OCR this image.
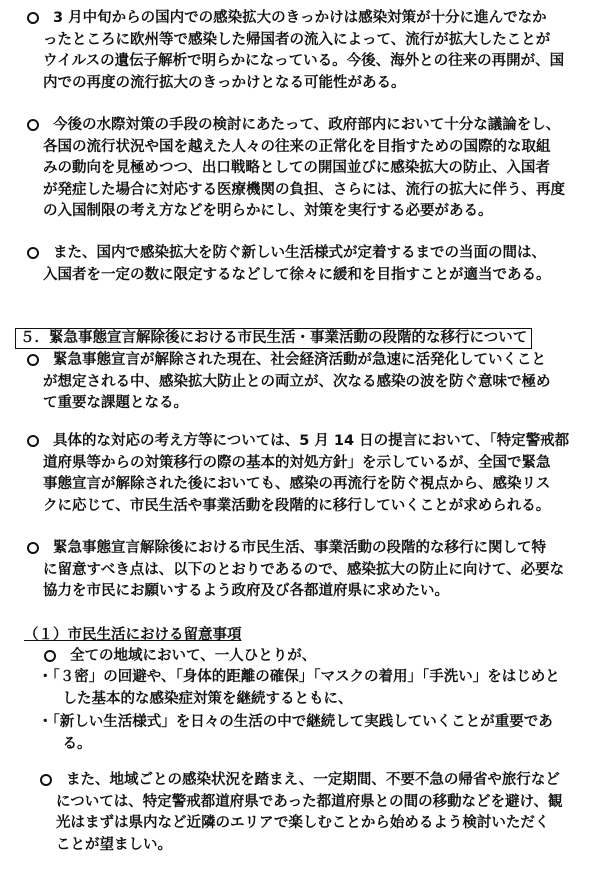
3 月中旬からの国内での感染拡大のきっかけは感染対策が十分に進んでなか
ったところに欧州等で感染した帰国者の流入によって、流行が拡大したことが
ウイルスの遺伝子解析で明らかになっている。今後、海外との往来の再開が、国
内での再度の流行拡大のきっかけとなる可能性がある。
今後の水際対策の手段の検討にあたって、政府部内において十分な議論をし、
各国の流行状況や国を越えた人々の往来の正常化を目指すための国際的な取組
みの動向を見極めつつ、出口戦略としての開国並びに感染拡大の防止、入国者
が発症した場合に対応する医療機関の負担、さらには、流行の拡大に伴う、再度
の入国制限の考え方などを明らかにし、対策を実行する必要がある。
また、国内で感染拡大を防ぐ新しい生活様式が定着するまでの当面の間は、
入国者を一定の数に限定するなどして徐々に緩和を目指すことが適当である。
５．緊急事態宣言解除後における市民生活・事業活動の段階的な移行について
緊急事態宣言が解除された現在、社会経済活動が急速に活発化していくこと
が想定される中、感染拡大防止との両立が、次なる感染の波を防ぐ意味で極め
て重要な課題となる。
具体的な対応の考え方等については、5 月 14 日の提言において、「特定警戒都
道府県等からの対策移行の際の基本的対処方針」を示しているが、全国で緊急
事態宣言が解除された後においても、感染の再流行を防ぐ視点から、感染リス
クに応じて、市民生活や事業活動を段階的に移行していくことが求められる。
緊急事態宣言解除後における市民生活、事業活動の段階的な移行に関して特
に留意すべき点は、以下のとおりであるので、感染拡大の防止に向けて、必要な
協力を市民にお願いするよう政府及び各都道府県に求めたい。
（１）市民生活における留意事項
全ての地域において、一人ひとりが、
・「３密」の回避や、「身体的距離の確保」「マスクの着用」「手洗い」をはじめと
　した基本的な感染症対策を継続するともに、
・「新しい生活様式」を日々の生活の中で継続して実践していくことが重要であ
　る。
また、地域ごとの感染状況を踏まえ、一定期間、不要不急の帰省や旅行など
については、特定警戒都道府県であった都道府県との間の移動などを避け、観
光はまずは県内など近隣のエリアで楽しむことから始めるよう検討いただく
ことが望ましい。
